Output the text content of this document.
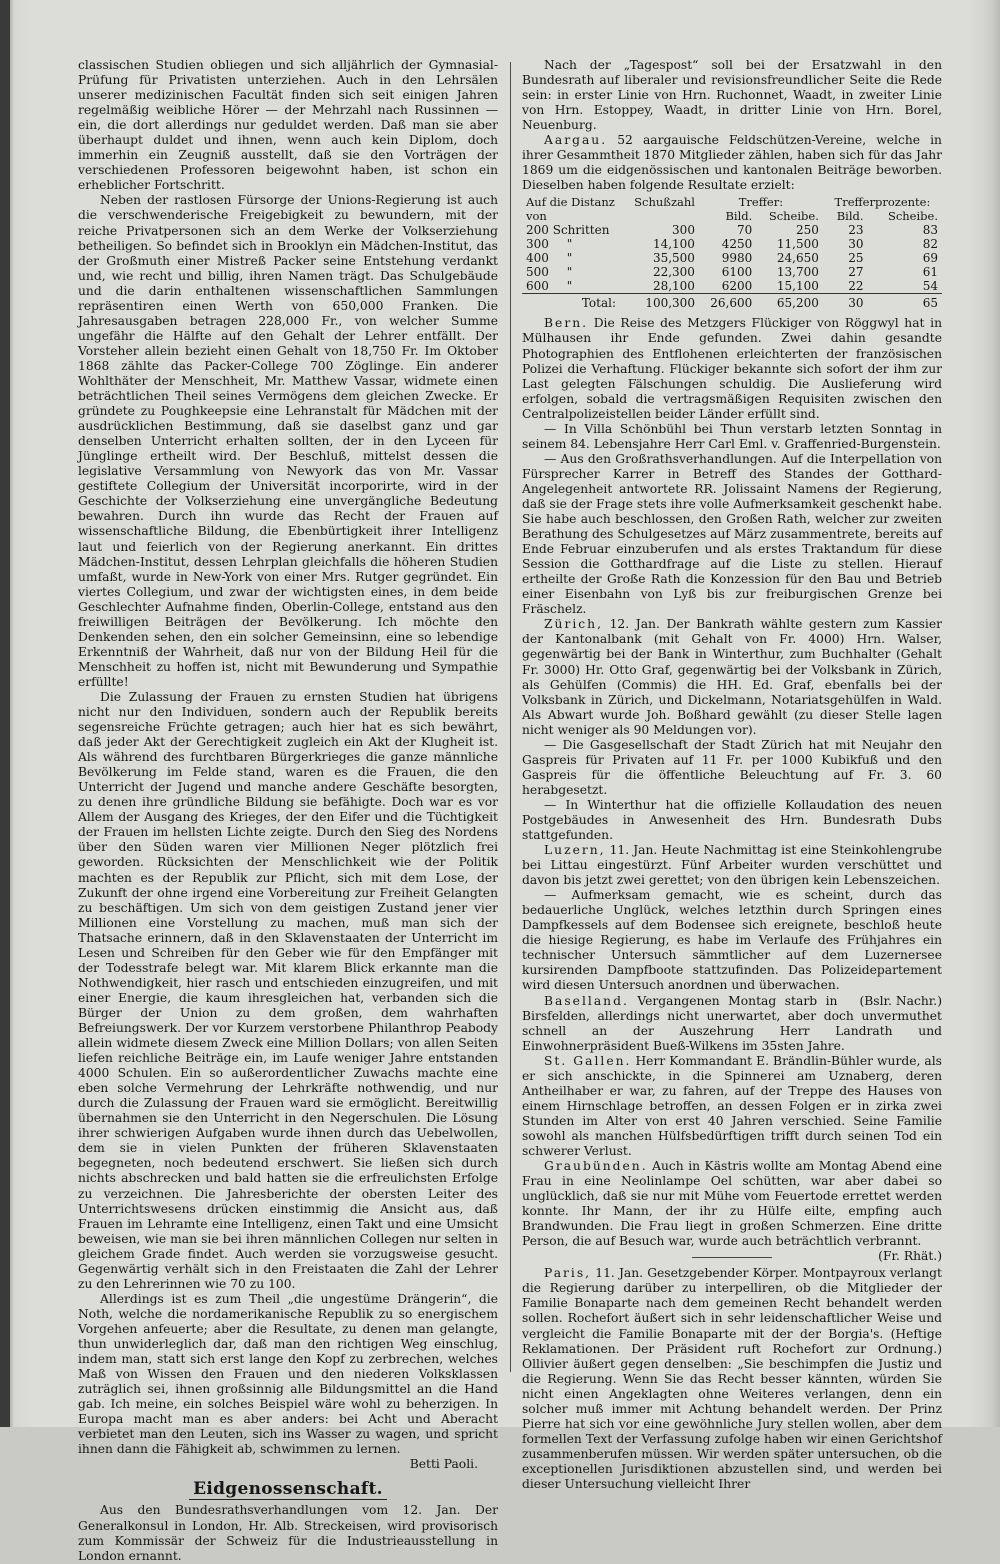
classischen Studien obliegen und sich alljährlich der Gymnasial-Prüfung für Privatisten unterziehen. Auch in den Lehrsälen unserer medizinischen Facultät finden sich seit einigen Jahren regelmäßig weibliche Hörer — der Mehrzahl nach Russinnen — ein, die dort allerdings nur geduldet werden. Daß man sie aber überhaupt duldet und ihnen, wenn auch kein Diplom, doch immerhin ein Zeugniß ausstellt, daß sie den Vorträgen der verschiedenen Professoren beigewohnt haben, ist schon ein erheblicher Fortschritt.

Neben der rastlosen Fürsorge der Unions-Regierung ist auch die verschwenderische Freigebigkeit zu bewundern, mit der reiche Privatpersonen sich an dem Werke der Volkserziehung betheiligen. So befindet sich in Brooklyn ein Mädchen-Institut, das der Großmuth einer Mistreß Packer seine Entstehung verdankt und, wie recht und billig, ihren Namen trägt. Das Schulgebäude und die darin enthaltenen wissenschaftlichen Sammlungen repräsentiren einen Werth von 650,000 Franken. Die Jahresausgaben betragen 228,000 Fr., von welcher Summe ungefähr die Hälfte auf den Gehalt der Lehrer entfällt. Der Vorsteher allein bezieht einen Gehalt von 18,750 Fr. Im Oktober 1868 zählte das Packer-College 700 Zöglinge. Ein anderer Wohlthäter der Menschheit, Mr. Matthew Vassar, widmete einen beträchtlichen Theil seines Vermögens dem gleichen Zwecke. Er gründete zu Poughkeepsie eine Lehranstalt für Mädchen mit der ausdrücklichen Bestimmung, daß sie daselbst ganz und gar denselben Unterricht erhalten sollten, der in den Lyceen für Jünglinge ertheilt wird. Der Beschluß, mittelst dessen die legislative Versammlung von Newyork das von Mr. Vassar gestiftete Collegium der Universität incorporirte, wird in der Geschichte der Volkserziehung eine unvergängliche Bedeutung bewahren. Durch ihn wurde das Recht der Frauen auf wissenschaftliche Bildung, die Ebenbürtigkeit ihrer Intelligenz laut und feierlich von der Regierung anerkannt. Ein drittes Mädchen-Institut, dessen Lehrplan gleichfalls die höheren Studien umfaßt, wurde in New-York von einer Mrs. Rutger gegründet. Ein viertes Collegium, und zwar der wichtigsten eines, in dem beide Geschlechter Aufnahme finden, Oberlin-College, entstand aus den freiwilligen Beiträgen der Bevölkerung. Ich möchte den Denkenden sehen, den ein solcher Gemeinsinn, eine so lebendige Erkenntniß der Wahrheit, daß nur von der Bildung Heil für die Menschheit zu hoffen ist, nicht mit Bewunderung und Sympathie erfüllte!

Die Zulassung der Frauen zu ernsten Studien hat übrigens nicht nur den Individuen, sondern auch der Republik bereits segensreiche Früchte getragen; auch hier hat es sich bewährt, daß jeder Akt der Gerechtigkeit zugleich ein Akt der Klugheit ist. Als während des furchtbaren Bürgerkrieges die ganze männliche Bevölkerung im Felde stand, waren es die Frauen, die den Unterricht der Jugend und manche andere Geschäfte besorgten, zu denen ihre gründliche Bildung sie befähigte. Doch war es vor Allem der Ausgang des Krieges, der den Eifer und die Tüchtigkeit der Frauen im hellsten Lichte zeigte. Durch den Sieg des Nordens über den Süden waren vier Millionen Neger plötzlich frei geworden. Rücksichten der Menschlichkeit wie der Politik machten es der Republik zur Pflicht, sich mit dem Lose, der Zukunft der ohne irgend eine Vorbereitung zur Freiheit Gelangten zu beschäftigen. Um sich von dem geistigen Zustand jener vier Millionen eine Vorstellung zu machen, muß man sich der Thatsache erinnern, daß in den Sklavenstaaten der Unterricht im Lesen und Schreiben für den Geber wie für den Empfänger mit der Todesstrafe belegt war. Mit klarem Blick erkannte man die Nothwendigkeit, hier rasch und entschieden einzugreifen, und mit einer Energie, die kaum ihresgleichen hat, verbanden sich die Bürger der Union zu dem großen, dem wahrhaften Befreiungswerk. Der vor Kurzem verstorbene Philanthrop Peabody allein widmete diesem Zweck eine Million Dollars; von allen Seiten liefen reichliche Beiträge ein, im Laufe weniger Jahre entstanden 4000 Schulen. Ein so außerordentlicher Zuwachs machte eine eben solche Vermehrung der Lehrkräfte nothwendig, und nur durch die Zulassung der Frauen ward sie ermöglicht. Bereitwillig übernahmen sie den Unterricht in den Negerschulen. Die Lösung ihrer schwierigen Aufgaben wurde ihnen durch das Uebelwollen, dem sie in vielen Punkten der früheren Sklavenstaaten begegneten, noch bedeutend erschwert. Sie ließen sich durch nichts abschrecken und bald hatten sie die erfreulichsten Erfolge zu verzeichnen. Die Jahresberichte der obersten Leiter des Unterrichtswesens drücken einstimmig die Ansicht aus, daß Frauen im Lehramte eine Intelligenz, einen Takt und eine Umsicht beweisen, wie man sie bei ihren männlichen Collegen nur selten in gleichem Grade findet. Auch werden sie vorzugsweise gesucht. Gegenwärtig verhält sich in den Freistaaten die Zahl der Lehrer zu den Lehrerinnen wie 70 zu 100.

Allerdings ist es zum Theil „die ungestüme Drängerin“, die Noth, welche die nordamerikanische Republik zu so energischem Vorgehen anfeuerte; aber die Resultate, zu denen man gelangte, thun unwiderleglich dar, daß man den richtigen Weg einschlug, indem man, statt sich erst lange den Kopf zu zerbrechen, welches Maß von Wissen den Frauen und den niederen Volksklassen zuträglich sei, ihnen großsinnig alle Bildungsmittel an die Hand gab. Ich meine, ein solches Beispiel wäre wohl zu beherzigen. In Europa macht man es aber anders: bei Acht und Aberacht verbietet man den Leuten, sich ins Wasser zu wagen, und spricht ihnen dann die Fähigkeit ab, schwimmen zu lernen.

Betti Paoli.
Eidgenossenschaft.

Aus den Bundesrathsverhandlungen vom 12. Jan. Der Generalkonsul in London, Hr. Alb. Streckeisen, wird provisorisch zum Kommissär der Schweiz für die Industrieausstellung in London ernannt.

Nach der „Tagespost“ soll bei der Ersatzwahl in den Bundesrath auf liberaler und revisionsfreundlicher Seite die Rede sein: in erster Linie von Hrn. Ruchonnet, Waadt, in zweiter Linie von Hrn. Estoppey, Waadt, in dritter Linie von Hrn. Borel, Neuenburg.

Aargau. 52 aargauische Feldschützen-Vereine, welche in ihrer Gesammtheit 1870 Mitglieder zählen, haben sich für das Jahr 1869 um die eidgenössischen und kantonalen Beiträge beworben. Dieselben haben folgende Resultate erzielt:

Auf die Distanz von	Schußzahl	Treffer:		Trefferprozente:	
		Bild.	Scheibe.	Bild.	Scheibe.
200 Schritten	300	70	250	23	83
300 "	14,100	4250	11,500	30	82
400 "	35,500	9980	24,650	25	69
500 "	22,300	6100	13,700	27	61
600 "	28,100	6200	15,100	22	54
Total:	100,300	26,600	65,200	30	65

Bern. Die Reise des Metzgers Flückiger von Röggwyl hat in Mülhausen ihr Ende gefunden. Zwei dahin gesandte Photographien des Entflohenen erleichterten der französischen Polizei die Verhaftung. Flückiger bekannte sich sofort der ihm zur Last gelegten Fälschungen schuldig. Die Auslieferung wird erfolgen, sobald die vertragsmäßigen Requisiten zwischen den Centralpolizeistellen beider Länder erfüllt sind.

— In Villa Schönbühl bei Thun verstarb letzten Sonntag in seinem 84. Lebensjahre Herr Carl Eml. v. Graffenried-Burgenstein.

— Aus den Großrathsverhandlungen. Auf die Interpellation von Fürsprecher Karrer in Betreff des Standes der Gotthard-Angelegenheit antwortete RR. Jolissaint Namens der Regierung, daß sie der Frage stets ihre volle Aufmerksamkeit geschenkt habe. Sie habe auch beschlossen, den Großen Rath, welcher zur zweiten Berathung des Schulgesetzes auf März zusammentrete, bereits auf Ende Februar einzuberufen und als erstes Traktandum für diese Session die Gotthardfrage auf die Liste zu stellen. Hierauf ertheilte der Große Rath die Konzession für den Bau und Betrieb einer Eisenbahn von Lyß bis zur freiburgischen Grenze bei Fräschelz.

Zürich, 12. Jan. Der Bankrath wählte gestern zum Kassier der Kantonalbank (mit Gehalt von Fr. 4000) Hrn. Walser, gegenwärtig bei der Bank in Winterthur, zum Buchhalter (Gehalt Fr. 3000) Hr. Otto Graf, gegenwärtig bei der Volksbank in Zürich, als Gehülfen (Commis) die HH. Ed. Graf, ebenfalls bei der Volksbank in Zürich, und Dickelmann, Notariatsgehülfen in Wald. Als Abwart wurde Joh. Boßhard gewählt (zu dieser Stelle lagen nicht weniger als 90 Meldungen vor).

— Die Gasgesellschaft der Stadt Zürich hat mit Neujahr den Gaspreis für Privaten auf 11 Fr. per 1000 Kubikfuß und den Gaspreis für die öffentliche Beleuchtung auf Fr. 3. 60 herabgesetzt.

— In Winterthur hat die offizielle Kollaudation des neuen Postgebäudes in Anwesenheit des Hrn. Bundesrath Dubs stattgefunden.

Luzern, 11. Jan. Heute Nachmittag ist eine Steinkohlengrube bei Littau eingestürzt. Fünf Arbeiter wurden verschüttet und davon bis jetzt zwei gerettet; von den übrigen kein Lebenszeichen.

— Aufmerksam gemacht, wie es scheint, durch das bedauerliche Unglück, welches letzthin durch Springen eines Dampfkessels auf dem Bodensee sich ereignete, beschloß heute die hiesige Regierung, es habe im Verlaufe des Frühjahres ein technischer Untersuch sämmtlicher auf dem Luzernersee kursirenden Dampfboote stattzufinden. Das Polizeidepartement wird diesen Untersuch anordnen und überwachen.
(Bslr. Nachr.)

Baselland. Vergangenen Montag starb in Birsfelden, allerdings nicht unerwartet, aber doch unvermuthet schnell an der Auszehrung Herr Landrath und Einwohnerpräsident Bueß-Wilkens im 35sten Jahre.

St. Gallen. Herr Kommandant E. Brändlin-Bühler wurde, als er sich anschickte, in die Spinnerei am Uznaberg, deren Antheilhaber er war, zu fahren, auf der Treppe des Hauses von einem Hirnschlage betroffen, an dessen Folgen er in zirka zwei Stunden im Alter von erst 40 Jahren verschied. Seine Familie sowohl als manchen Hülfsbedürftigen trifft durch seinen Tod ein schwerer Verlust.

Graubünden. Auch in Kästris wollte am Montag Abend eine Frau in eine Neolinlampe Oel schütten, war aber dabei so unglücklich, daß sie nur mit Mühe vom Feuertode errettet werden konnte. Ihr Mann, der ihr zu Hülfe eilte, empfing auch Brandwunden. Die Frau liegt in großen Schmerzen. Eine dritte Person, die auf Besuch war, wurde auch beträchtlich verbrannt.
(Fr. Rhät.)

Paris, 11. Jan. Gesetzgebender Körper. Montpayroux verlangt die Regierung darüber zu interpelliren, ob die Mitglieder der Familie Bonaparte nach dem gemeinen Recht behandelt werden sollen. Rochefort äußert sich in sehr leidenschaftlicher Weise und vergleicht die Familie Bonaparte mit der der Borgia's. (Heftige Reklamationen. Der Präsident ruft Rochefort zur Ordnung.) Ollivier äußert gegen denselben: „Sie beschimpfen die Justiz und die Regierung. Wenn Sie das Recht besser kännten, würden Sie nicht einen Angeklagten ohne Weiteres verlangen, denn ein solcher muß immer mit Achtung behandelt werden. Der Prinz Pierre hat sich vor eine gewöhnliche Jury stellen wollen, aber dem formellen Text der Verfassung zufolge haben wir einen Gerichtshof zusammenberufen müssen. Wir werden später untersuchen, ob die exceptionellen Jurisdiktionen abzustellen sind, und werden bei dieser Untersuchung vielleicht Ihrer
